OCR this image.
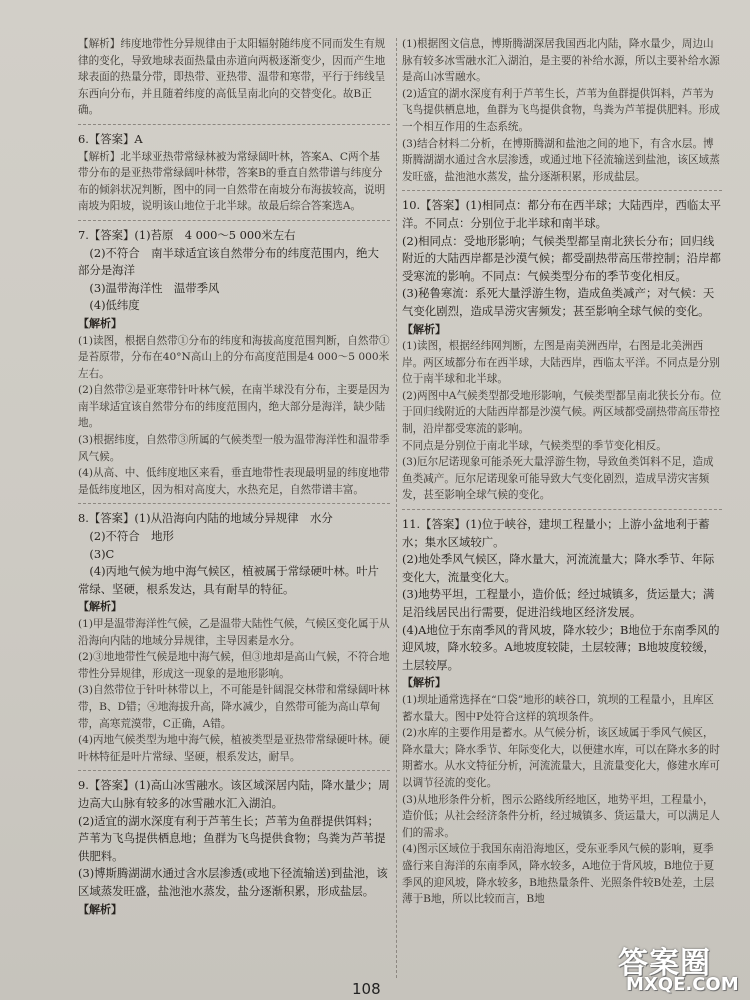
【解析】纬度地带性分异规律由于太阳辐射随纬度不同而发生有规律的变化，导致地球表面热量由赤道向两极逐渐变少，因而产生地球表面的热量分带，即热带、亚热带、温带和寒带，平行于纬线呈东西向分布，并且随着纬度的高低呈南北向的交替变化。故B正确。

6.【答案】A

【解析】北半球亚热带常绿林被为常绿阔叶林，答案A、C两个基带分布的是亚热带常绿阔叶林带，答案B的垂直自然带谱与纬度分布的倾斜状况判断，图中的同一自然带在南坡分布海拔较高，说明南坡为阳坡，说明该山地位于北半球。故最后综合答案选A。

7.【答案】(1)苔原　4 000～5 000米左右

(2)不符合　南半球适宜该自然带分布的纬度范围内，绝大部分是海洋

(3)温带海洋性　温带季风

(4)低纬度

【解析】

(1)读图，根据自然带①分布的纬度和海拔高度范围判断，自然带①是苔原带，分布在40°N高山上的分布高度范围是4 000～5 000米左右。

(2)自然带②是亚寒带针叶林气候，在南半球没有分布，主要是因为南半球适宜该自然带分布的纬度范围内，绝大部分是海洋，缺少陆地。

(3)根据纬度，自然带③所属的气候类型一般为温带海洋性和温带季风气候。

(4)从高、中、低纬度地区来看，垂直地带性表现最明显的纬度地带是低纬度地区，因为相对高度大，水热充足，自然带谱丰富。

8.【答案】(1)从沿海向内陆的地域分异规律　水分

(2)不符合　地形

(3)C

(4)丙地气候为地中海气候区，植被属于常绿硬叶林。叶片常绿、坚硬，根系发达，具有耐旱的特征。

【解析】

(1)甲是温带海洋性气候，乙是温带大陆性气候，气候区变化属于从沿海向内陆的地域分异规律，主导因素是水分。

(2)③地地带性气候是地中海气候，但③地却是高山气候，不符合地带性分异规律，形成这一现象的是地形影响。

(3)自然带位于针叶林带以上，不可能是针阔混交林带和常绿阔叶林带，B、D错；④地海拔升高，降水减少，自然带可能为高山草甸带，高寒荒漠带，C正确，A错。

(4)丙地气候类型为地中海气候，植被类型是亚热带常绿硬叶林。硬叶林特征是叶片常绿、坚硬，根系发达，耐旱。

9.【答案】(1)高山冰雪融水。该区域深居内陆，降水量少；周边高大山脉有较多的冰雪融水汇入湖泊。

(2)适宜的湖水深度有利于芦苇生长；芦苇为鱼群提供饵料；芦苇为飞鸟提供栖息地；鱼群为飞鸟提供食物；鸟粪为芦苇提供肥料。

(3)博斯腾湖湖水通过含水层渗透(或地下径流输送)到盐池，该区域蒸发旺盛，盐池池水蒸发，盐分逐渐积累，形成盐层。

【解析】

(1)根据图文信息，博斯腾湖深居我国西北内陆，降水量少，周边山脉有较多冰雪融水汇入湖泊，是主要的补给水源，所以主要补给水源是高山冰雪融水。

(2)适宜的湖水深度有利于芦苇生长，芦苇为鱼群提供饵料，芦苇为飞鸟提供栖息地，鱼群为飞鸟提供食物，鸟粪为芦苇提供肥料。形成一个相互作用的生态系统。

(3)结合材料二分析，在博斯腾湖和盐池之间的地下，有含水层。博斯腾湖湖水通过含水层渗透，或通过地下径流输送到盐池，该区域蒸发旺盛，盐池池水蒸发，盐分逐渐积累，形成盐层。

10.【答案】(1)相同点：都分布在西半球；大陆西岸，西临太平洋。不同点：分别位于北半球和南半球。

(2)相同点：受地形影响；气候类型都呈南北狭长分布；回归线附近的大陆西岸都是沙漠气候；都受副热带高压带控制；沿岸都受寒流的影响。不同点：气候类型分布的季节变化相反。

(3)秘鲁寒流：系死大量浮游生物，造成鱼类减产；对气候：天气变化剧烈，造成旱涝灾害频发；甚至影响全球气候的变化。

【解析】

(1)读图，根据经纬网判断，左图是南美洲西岸，右图是北美洲西岸。两区域都分布在西半球，大陆西岸，西临太平洋。不同点是分别位于南半球和北半球。

(2)两图中A气候类型都受地形影响，气候类型都呈南北狭长分布。位于回归线附近的大陆西岸都是沙漠气候。两区域都受副热带高压带控制，沿岸都受寒流的影响。

不同点是分别位于南北半球，气候类型的季节变化相反。

(3)厄尔尼诺现象可能杀死大量浮游生物，导致鱼类饵料不足，造成鱼类减产。厄尔尼诺现象可能导致大气变化剧烈，造成旱涝灾害频发，甚至影响全球气候的变化。

11.【答案】(1)位于峡谷，建坝工程量小；上游小盆地利于蓄水；集水区域较广。

(2)地处季风气候区，降水量大，河流流量大；降水季节、年际变化大，流量变化大。

(3)地势平坦，工程量小，造价低；经过城镇多，货运量大；满足沿线居民出行需要，促进沿线地区经济发展。

(4)A地位于东南季风的背风坡，降水较少；B地位于东南季风的迎风坡，降水较多。A地坡度较陡，土层较薄；B地坡度较缓，土层较厚。

【解析】

(1)坝址通常选择在“口袋”地形的峡谷口，筑坝的工程量小，且库区蓄水量大。图中P处符合这样的筑坝条件。

(2)水库的主要作用是蓄水。从气候分析，该区域属于季风气候区，降水量大；降水季节、年际变化大，以便建水库，可以在降水多的时期蓄水。从水文特征分析，河流流量大，且流量变化大，修建水库可以调节径流的变化。

(3)从地形条件分析，图示公路线所经地区，地势平坦，工程量小，造价低；从社会经济条件分析，经过城镇多、货运量大，可以满足人们的需求。

(4)图示区域位于我国东南沿海地区，受东亚季风气候的影响，夏季盛行来自海洋的东南季风，降水较多，A地位于背风坡，B地位于夏季风的迎风坡，降水较多，B地热量条件、光照条件较B处差，土层薄于B地，所以比较而言，B地

108
答案圈
MXQE.COM
